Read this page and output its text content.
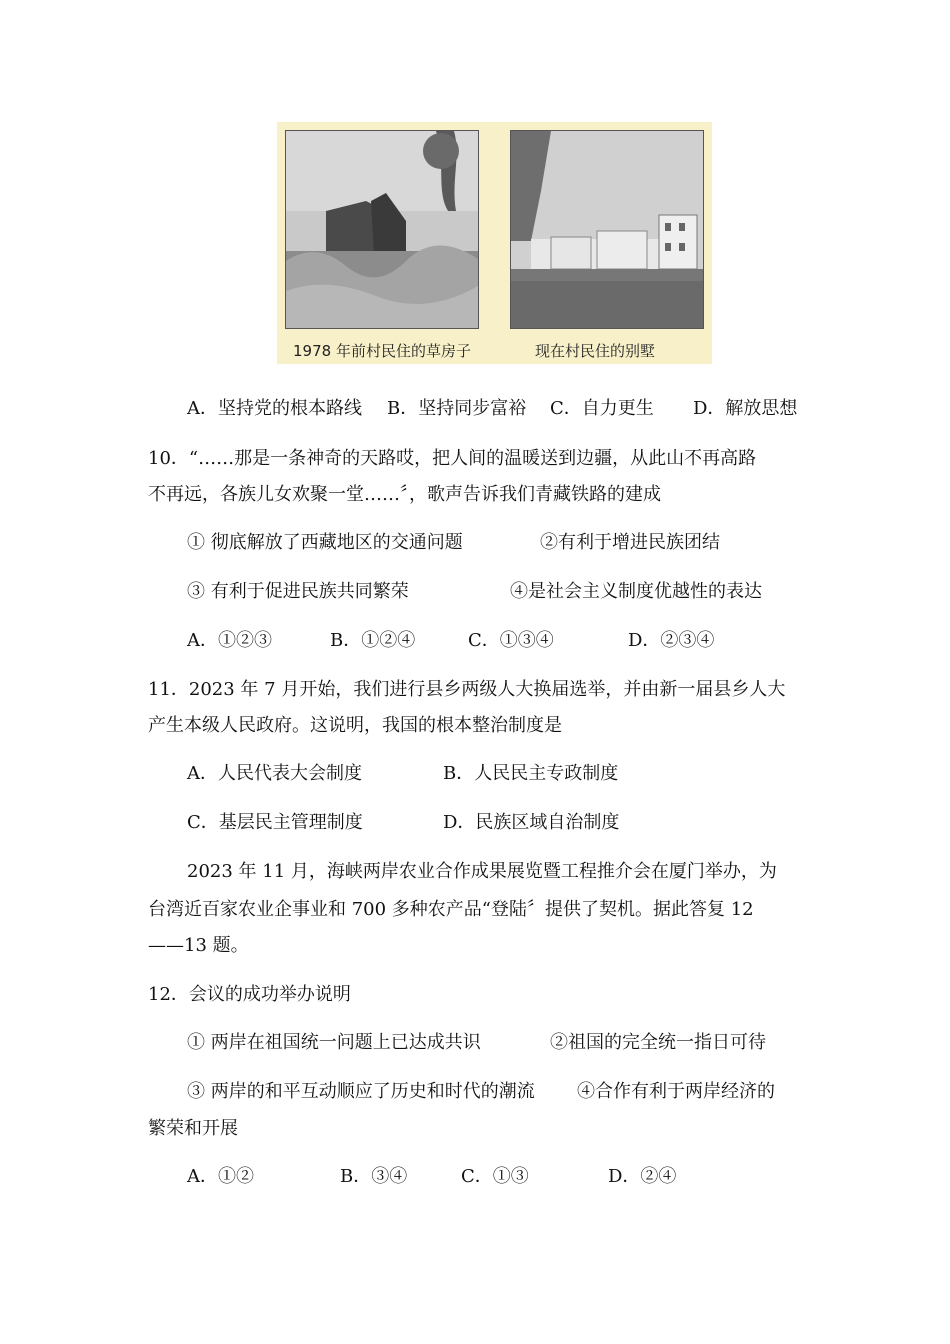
1978 年前村民住的草房子	现在村民住的别墅
A．坚持党的根本路线 B．坚持同步富裕 C．自力更生 D．解放思想
10．“……那是一条神奇的天路哎，把人间的温暖送到边疆，从此山不再高路
不再远，各族儿女欢聚一堂……〞，歌声告诉我们青藏铁路的建成
① 彻底解放了西藏地区的交通问题	②有利于增进民族团结
③ 有利于促进民族共同繁荣	④是社会主义制度优越性的表达
A．①②③	B．①②④	C．①③④	D．②③④
11．2023 年 7 月开始，我们进行县乡两级人大换届选举，并由新一届县乡人大
产生本级人民政府。这说明，我国的根本整治制度是
A．人民代表大会制度	B．人民民主专政制度
C．基层民主管理制度	D．民族区域自治制度
2023 年 11 月，海峡两岸农业合作成果展览暨工程推介会在厦门举办，为
台湾近百家农业企事业和 700 多种农产品“登陆〞提供了契机。据此答复 12
——13 题。
12．会议的成功举办说明
① 两岸在祖国统一问题上已达成共识	②祖国的完全统一指日可待
③ 两岸的和平互动顺应了历史和时代的潮流 ④合作有利于两岸经济的
繁荣和开展
A．①②	B．③④	C．①③	D．②④
